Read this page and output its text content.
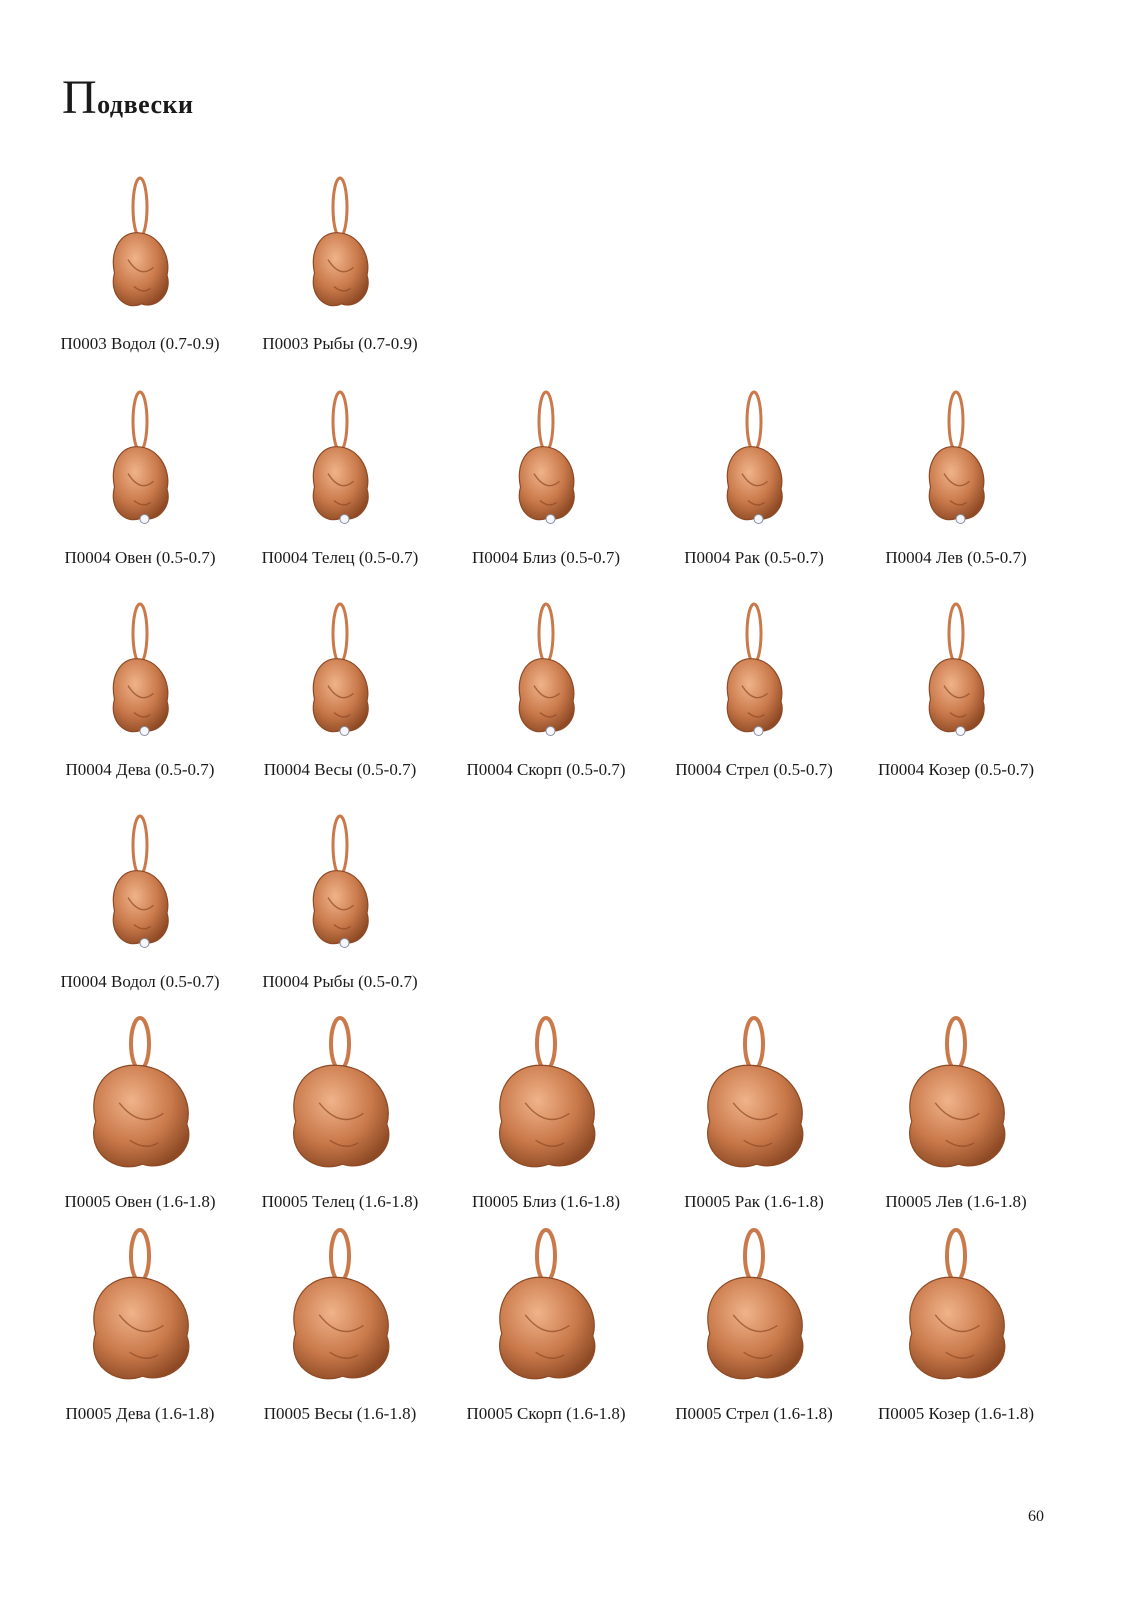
Подвески
П0003 Водол (0.7-0.9)	П0003 Рыбы (0.7-0.9)
П0004 Овен (0.5-0.7)	П0004 Телец (0.5-0.7)	П0004 Близ (0.5-0.7)	П0004 Рак (0.5-0.7)	П0004 Лев (0.5-0.7)
П0004 Дева (0.5-0.7)	П0004 Весы (0.5-0.7)	П0004 Скорп (0.5-0.7)	П0004 Стрел (0.5-0.7)	П0004 Козер (0.5-0.7)
П0004 Водол (0.5-0.7)	П0004 Рыбы (0.5-0.7)
П0005 Овен (1.6-1.8)	П0005 Телец (1.6-1.8)	П0005 Близ (1.6-1.8)	П0005 Рак (1.6-1.8)	П0005 Лев (1.6-1.8)
П0005 Дева (1.6-1.8)	П0005 Весы (1.6-1.8)	П0005 Скорп (1.6-1.8)	П0005 Стрел (1.6-1.8)	П0005 Козер (1.6-1.8)
60
